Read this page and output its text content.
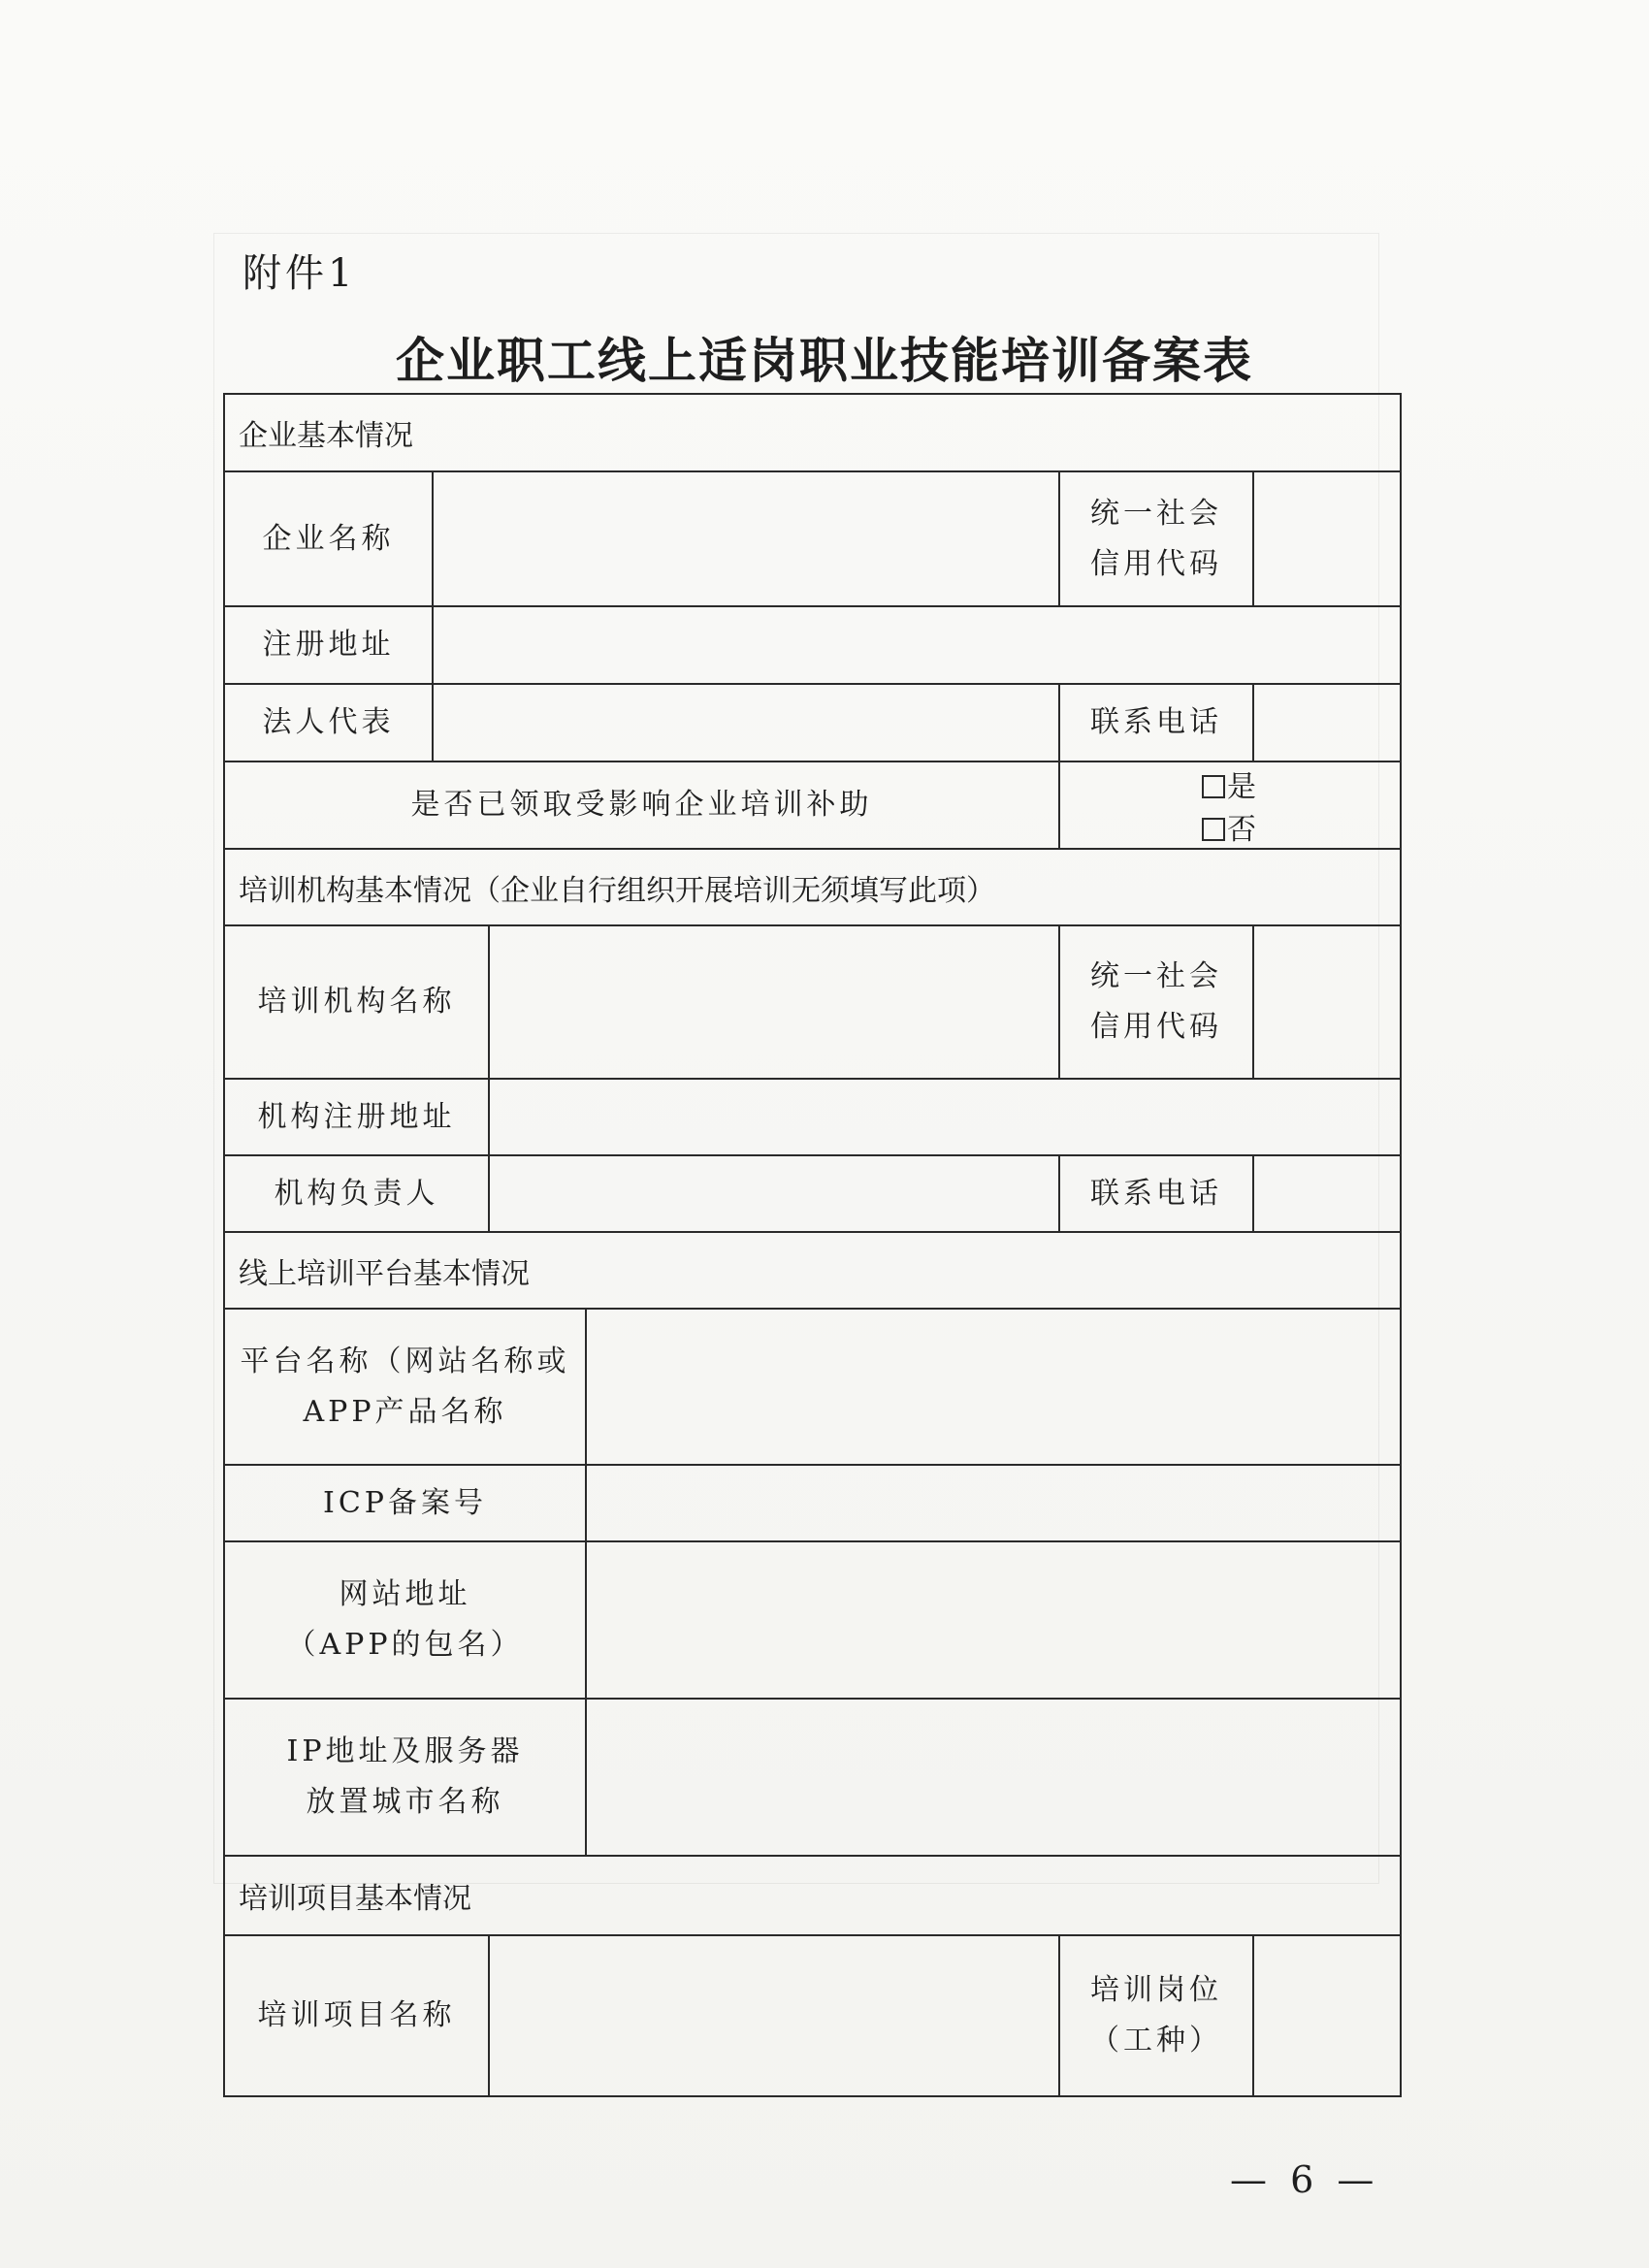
附件1
企业职工线上适岗职业技能培训备案表
企业基本情况					
企业名称				统一社会
信用代码	

注册地址					
法人代表				联系电话	
是否已领取受影响企业培训补助				是 否	
培训机构基本情况（企业自行组织开展培训无须填写此项）					
培训机构名称				统一社会
信用代码	

机构注册地址					
机构负责人				联系电话	
线上培训平台基本情况					

平台名称（网站名称或
APP产品名称					

ICP备案号					

网站地址
（APP的包名）					

IP地址及服务器
放置城市名称					

培训项目基本情况					
培训项目名称				培训岗位
（工种）	

— 6 —
